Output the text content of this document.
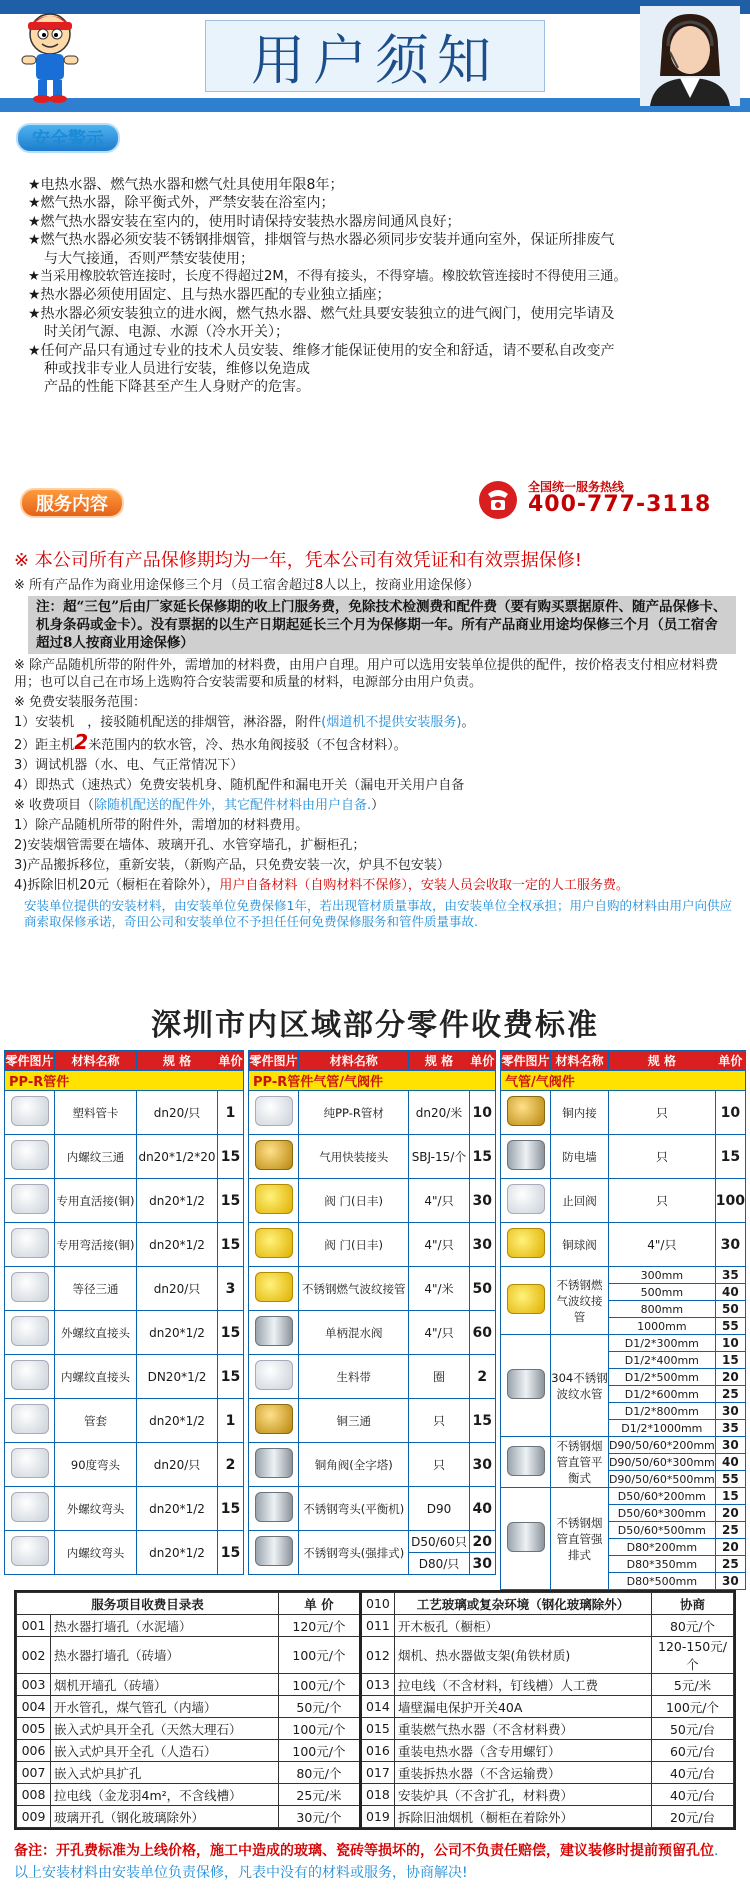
用户须知
安全警示
★电热水器、燃气热水器和燃气灶具使用年限8年；
★燃气热水器，除平衡式外，严禁安装在浴室内；
★燃气热水器安装在室内的，使用时请保持安装热水器房间通风良好；
★燃气热水器必须安装不锈钢排烟管，排烟管与热水器必须同步安装并通向室外，保证所排废气
与大气接通，否则严禁安装使用；
★当采用橡胶软管连接时，长度不得超过2M，不得有接头，不得穿墙。橡胶软管连接时不得使用三通。
★热水器必须使用固定、且与热水器匹配的专业独立插座；
★热水器必须安装独立的进水阀，燃气热水器、燃气灶具要安装独立的进气阀门，使用完毕请及
时关闭气源、电源、水源（冷水开关）；
★任何产品只有通过专业的技术人员安装、维修才能保证使用的安全和舒适，请不要私自改变产
种或找非专业人员进行安装，维修以免造成
产品的性能下降甚至产生人身财产的危害。
服务内容
全国统一服务热线
400-777-3118
※ 本公司所有产品保修期均为一年，凭本公司有效凭证和有效票据保修!
※ 所有产品作为商业用途保修三个月（员工宿舍超过8人以上，按商业用途保修）
注：超“三包”后由厂家延长保修期的收上门服务费，免除技术检测费和配件费（要有购买票据原件、随产品保修卡、机身条码或金卡）。没有票据的以生产日期起延长三个月为保修期一年。所有产品商业用途均保修三个月（员工宿舍超过8人按商业用途保修）
※ 除产品随机所带的附件外，需增加的材料费，由用户自理。用户可以选用安装单位提供的配件，按价格表支付相应材料费用；也可以自己在市场上选购符合安装需要和质量的材料，电源部分由用户负责。
※ 免费安装服务范围：
1）安装机　，接驳随机配送的排烟管，淋浴器，附件(烟道机不提供安装服务)。
2）距主机2米范围内的软水管，冷、热水角阀接驳（不包含材料）。
3）调试机器（水、电、气正常情况下）
4）即热式（速热式）免费安装机身、随机配件和漏电开关（漏电开关用户自备
※ 收费项目（除随机配送的配件外，其它配件材料由用户自备.）
1）除产品随机所带的附件外，需增加的材料费用。
2)安装烟管需要在墙体、玻璃开孔、水管穿墙孔，扩橱柜孔；
3)产品搬拆移位，重新安装，（新购产品，只免费安装一次，炉具不包安装）
4)拆除旧机20元（橱柜在着除外），用户自备材料（自购材料不保修），安装人员会收取一定的人工服务费。
安装单位提供的安装材料，由安装单位免费保修1年，若出现管材质量事故，由安装单位全权承担；用户自购的材料由用户向供应商索取保修承诺，奇田公司和安装单位不予担任任何免费保修服务和管件质量事故.
深圳市内区域部分零件收费标准
零件图片	材料名称	规 格	单价
PP-R管件			
	塑料管卡	dn20/只	1
	内螺纹三通	dn20*1/2*20	15
	专用直活接(铜)	dn20*1/2	15
	专用弯活接(铜)	dn20*1/2	15
	等径三通	dn20/只	3
	外螺纹直接头	dn20*1/2	15
	内螺纹直接头	DN20*1/2	15
	管套	dn20*1/2	1
	90度弯头	dn20/只	2
	外螺纹弯头	dn20*1/2	15
	内螺纹弯头	dn20*1/2	15
零件图片	材料名称	规 格	单价
PP-R管件气管/气阀件			
	纯PP-R管材	dn20/米	10
	气用快装接头	SBJ-15/个	15
	阀 门(日丰)	4"/只	30
	阀 门(日丰)	4"/只	30
	不锈钢燃气波纹接管	4"/米	50
	单柄混水阀	4"/只	60
	生料带	圈	2
	铜三通	只	15
	铜角阀(全字塔)	只	30
	不锈钢弯头(平衡机)	D90	40
	不锈钢弯头(强排式)	D50/60只	20
		D80/只	30
零件图片	材料名称	规 格	单价
气管/气阀件			
	铜内接	只	10
	防电墙	只	15
	止回阀	只	100
	铜球阀	4"/只	30
	不锈钢燃气波纹接管	300mm	35
		500mm	40
		800mm	50
		1000mm	55
	304不锈钢波纹水管	D1/2*300mm	10
		D1/2*400mm	15
		D1/2*500mm	20
		D1/2*600mm	25
		D1/2*800mm	30
		D1/2*1000mm	35
	不锈钢烟管直管平衡式	D90/50/60*200mm	30
		D90/50/60*300mm	40
		D90/50/60*500mm	55
	不锈钢烟管直管强排式	D50/60*200mm	15
		D50/60*300mm	20
		D50/60*500mm	25
		D80*200mm	20
		D80*350mm	25
		D80*500mm	30
服务项目收费目录表		单 价	010	工艺玻璃或复杂环境（钢化玻璃除外）	协商
001	热水器打墙孔（水泥墙）	120元/个	011	开木板孔（橱柜）	80元/个
002	热水器打墙孔（砖墙）	100元/个	012	烟机、热水器做支架(角铁材质)	120-150元/个
003	烟机开墙孔（砖墙）	100元/个	013	拉电线（不含材料，钉线槽）人工费	5元/米
004	开水管孔，煤气管孔（内墙）	50元/个	014	墙壁漏电保护开关40A	100元/个
005	嵌入式炉具开全孔（天然大理石）	100元/个	015	重装燃气热水器（不含材料费）	50元/台
006	嵌入式炉具开全孔（人造石）	100元/个	016	重装电热水器（含专用螺钉）	60元/台
007	嵌入式炉具扩孔	80元/个	017	重装拆热水器（不含运输费）	40元/台
008	拉电线（金龙羽4m²，不含线槽）	25元/米	018	安装炉具（不含扩孔，材料费）	40元/台
009	玻璃开孔（钢化玻璃除外）	30元/个	019	拆除旧油烟机（橱柜在着除外）	20元/台
备注：开孔费标准为上线价格，施工中造成的玻璃、瓷砖等损坏的，公司不负责任赔偿，建议装修时提前预留孔位．以上安装材料由安装单位负责保修，凡表中没有的材料或服务，协商解决!
